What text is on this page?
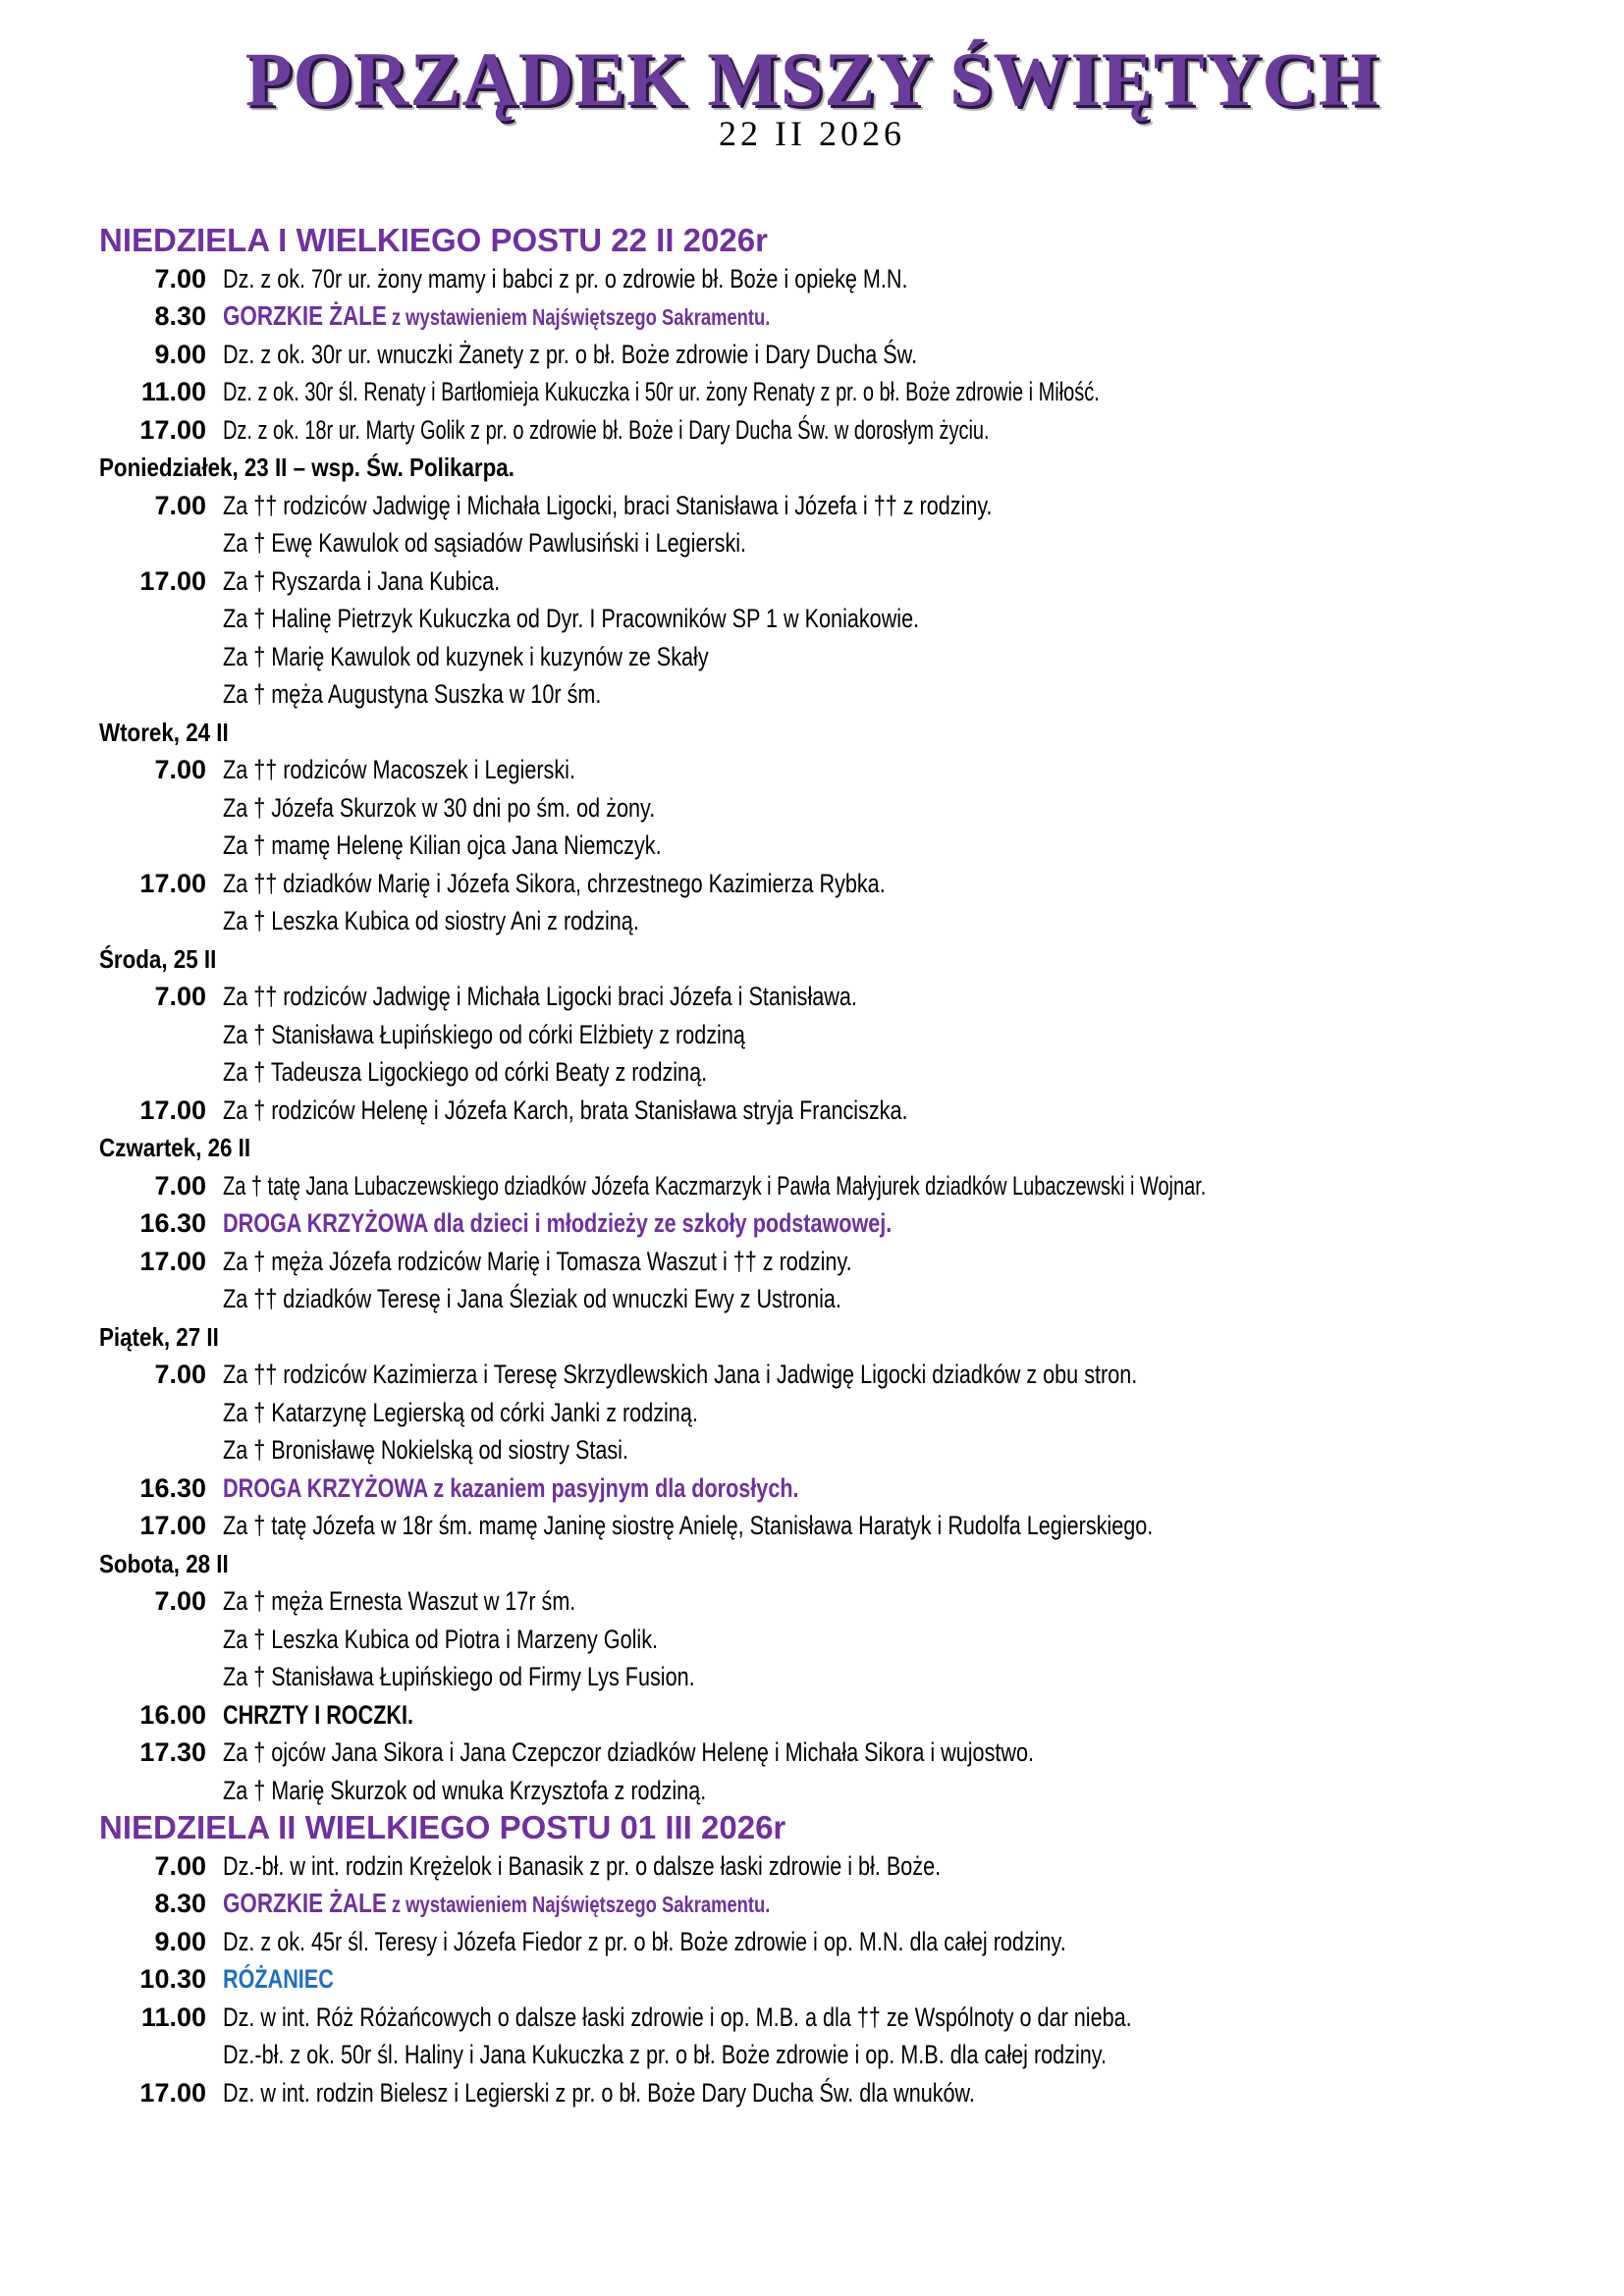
PORZĄDEK MSZY ŚWIĘTYCH
22 II 2026
NIEDZIELA I WIELKIEGO POSTU 22 II 2026r
7.00 Dz. z ok. 70r ur. żony mamy i babci z pr. o zdrowie bł. Boże i opiekę M.N.
8.30 GORZKIE ŻALE z wystawieniem Najświętszego Sakramentu.
9.00 Dz. z ok. 30r ur. wnuczki Żanety z pr. o bł. Boże zdrowie i Dary Ducha Św.
11.00 Dz. z ok. 30r śl. Renaty i Bartłomieja Kukuczka i 50r ur. żony Renaty z pr. o bł. Boże zdrowie i Miłość.
17.00 Dz. z ok. 18r ur. Marty Golik z pr. o zdrowie bł. Boże i Dary Ducha Św. w dorosłym życiu.
Poniedziałek, 23 II – wsp. Św. Polikarpa.
7.00 Za †† rodziców Jadwigę i Michała Ligocki, braci Stanisława i Józefa i †† z rodziny.
Za † Ewę Kawulok od sąsiadów Pawlusiński i Legierski.
17.00 Za † Ryszarda i Jana Kubica.
Za † Halinę Pietrzyk Kukuczka od Dyr. I Pracowników SP 1 w Koniakowie.
Za † Marię Kawulok od kuzynek i kuzynów ze Skały
Za † męża Augustyna Suszka w 10r śm.
Wtorek, 24 II
7.00 Za †† rodziców Macoszek i Legierski.
Za † Józefa Skurzok w 30 dni po śm. od żony.
Za † mamę Helenę Kilian ojca Jana Niemczyk.
17.00 Za †† dziadków Marię i Józefa Sikora, chrzestnego Kazimierza Rybka.
Za † Leszka Kubica od siostry Ani z rodziną.
Środa, 25 II
7.00 Za †† rodziców Jadwigę i Michała Ligocki braci Józefa i Stanisława.
Za † Stanisława Łupińskiego od córki Elżbiety z rodziną
Za † Tadeusza Ligockiego od córki Beaty z rodziną.
17.00 Za † rodziców Helenę i Józefa Karch, brata Stanisława stryja Franciszka.
Czwartek, 26 II
7.00 Za † tatę Jana Lubaczewskiego dziadków Józefa Kaczmarzyk i Pawła Małyjurek dziadków Lubaczewski i Wojnar.
16.30 DROGA KRZYŻOWA dla dzieci i młodzieży ze szkoły podstawowej.
17.00 Za † męża Józefa rodziców Marię i Tomasza Waszut i †† z rodziny.
Za †† dziadków Teresę i Jana Śleziak od wnuczki Ewy z Ustronia.
Piątek, 27 II
7.00 Za †† rodziców Kazimierza i Teresę Skrzydlewskich Jana i Jadwigę Ligocki dziadków z obu stron.
Za † Katarzynę Legierską od córki Janki z rodziną.
Za † Bronisławę Nokielską od siostry Stasi.
16.30 DROGA KRZYŻOWA z kazaniem pasyjnym dla dorosłych.
17.00 Za † tatę Józefa w 18r śm. mamę Janinę siostrę Anielę, Stanisława Haratyk i Rudolfa Legierskiego.
Sobota, 28 II
7.00 Za † męża Ernesta Waszut w 17r śm.
Za † Leszka Kubica od Piotra i Marzeny Golik.
Za † Stanisława Łupińskiego od Firmy Lys Fusion.
16.00 CHRZTY I ROCZKI.
17.30 Za † ojców Jana Sikora i Jana Czepczor dziadków Helenę i Michała Sikora i wujostwo.
Za † Marię Skurzok od wnuka Krzysztofa z rodziną.
NIEDZIELA II WIELKIEGO POSTU 01 III 2026r
7.00 Dz.-bł. w int. rodzin Krężelok i Banasik z pr. o dalsze łaski zdrowie i bł. Boże.
8.30 GORZKIE ŻALE z wystawieniem Najświętszego Sakramentu.
9.00 Dz. z ok. 45r śl. Teresy i Józefa Fiedor z pr. o bł. Boże zdrowie i op. M.N. dla całej rodziny.
10.30 RÓŻANIEC
11.00 Dz. w int. Róż Różańcowych o dalsze łaski zdrowie i op. M.B. a dla †† ze Wspólnoty o dar nieba.
Dz.-bł. z ok. 50r śl. Haliny i Jana Kukuczka z pr. o bł. Boże zdrowie i op. M.B. dla całej rodziny.
17.00 Dz. w int. rodzin Bielesz i Legierski z pr. o bł. Boże Dary Ducha Św. dla wnuków.
